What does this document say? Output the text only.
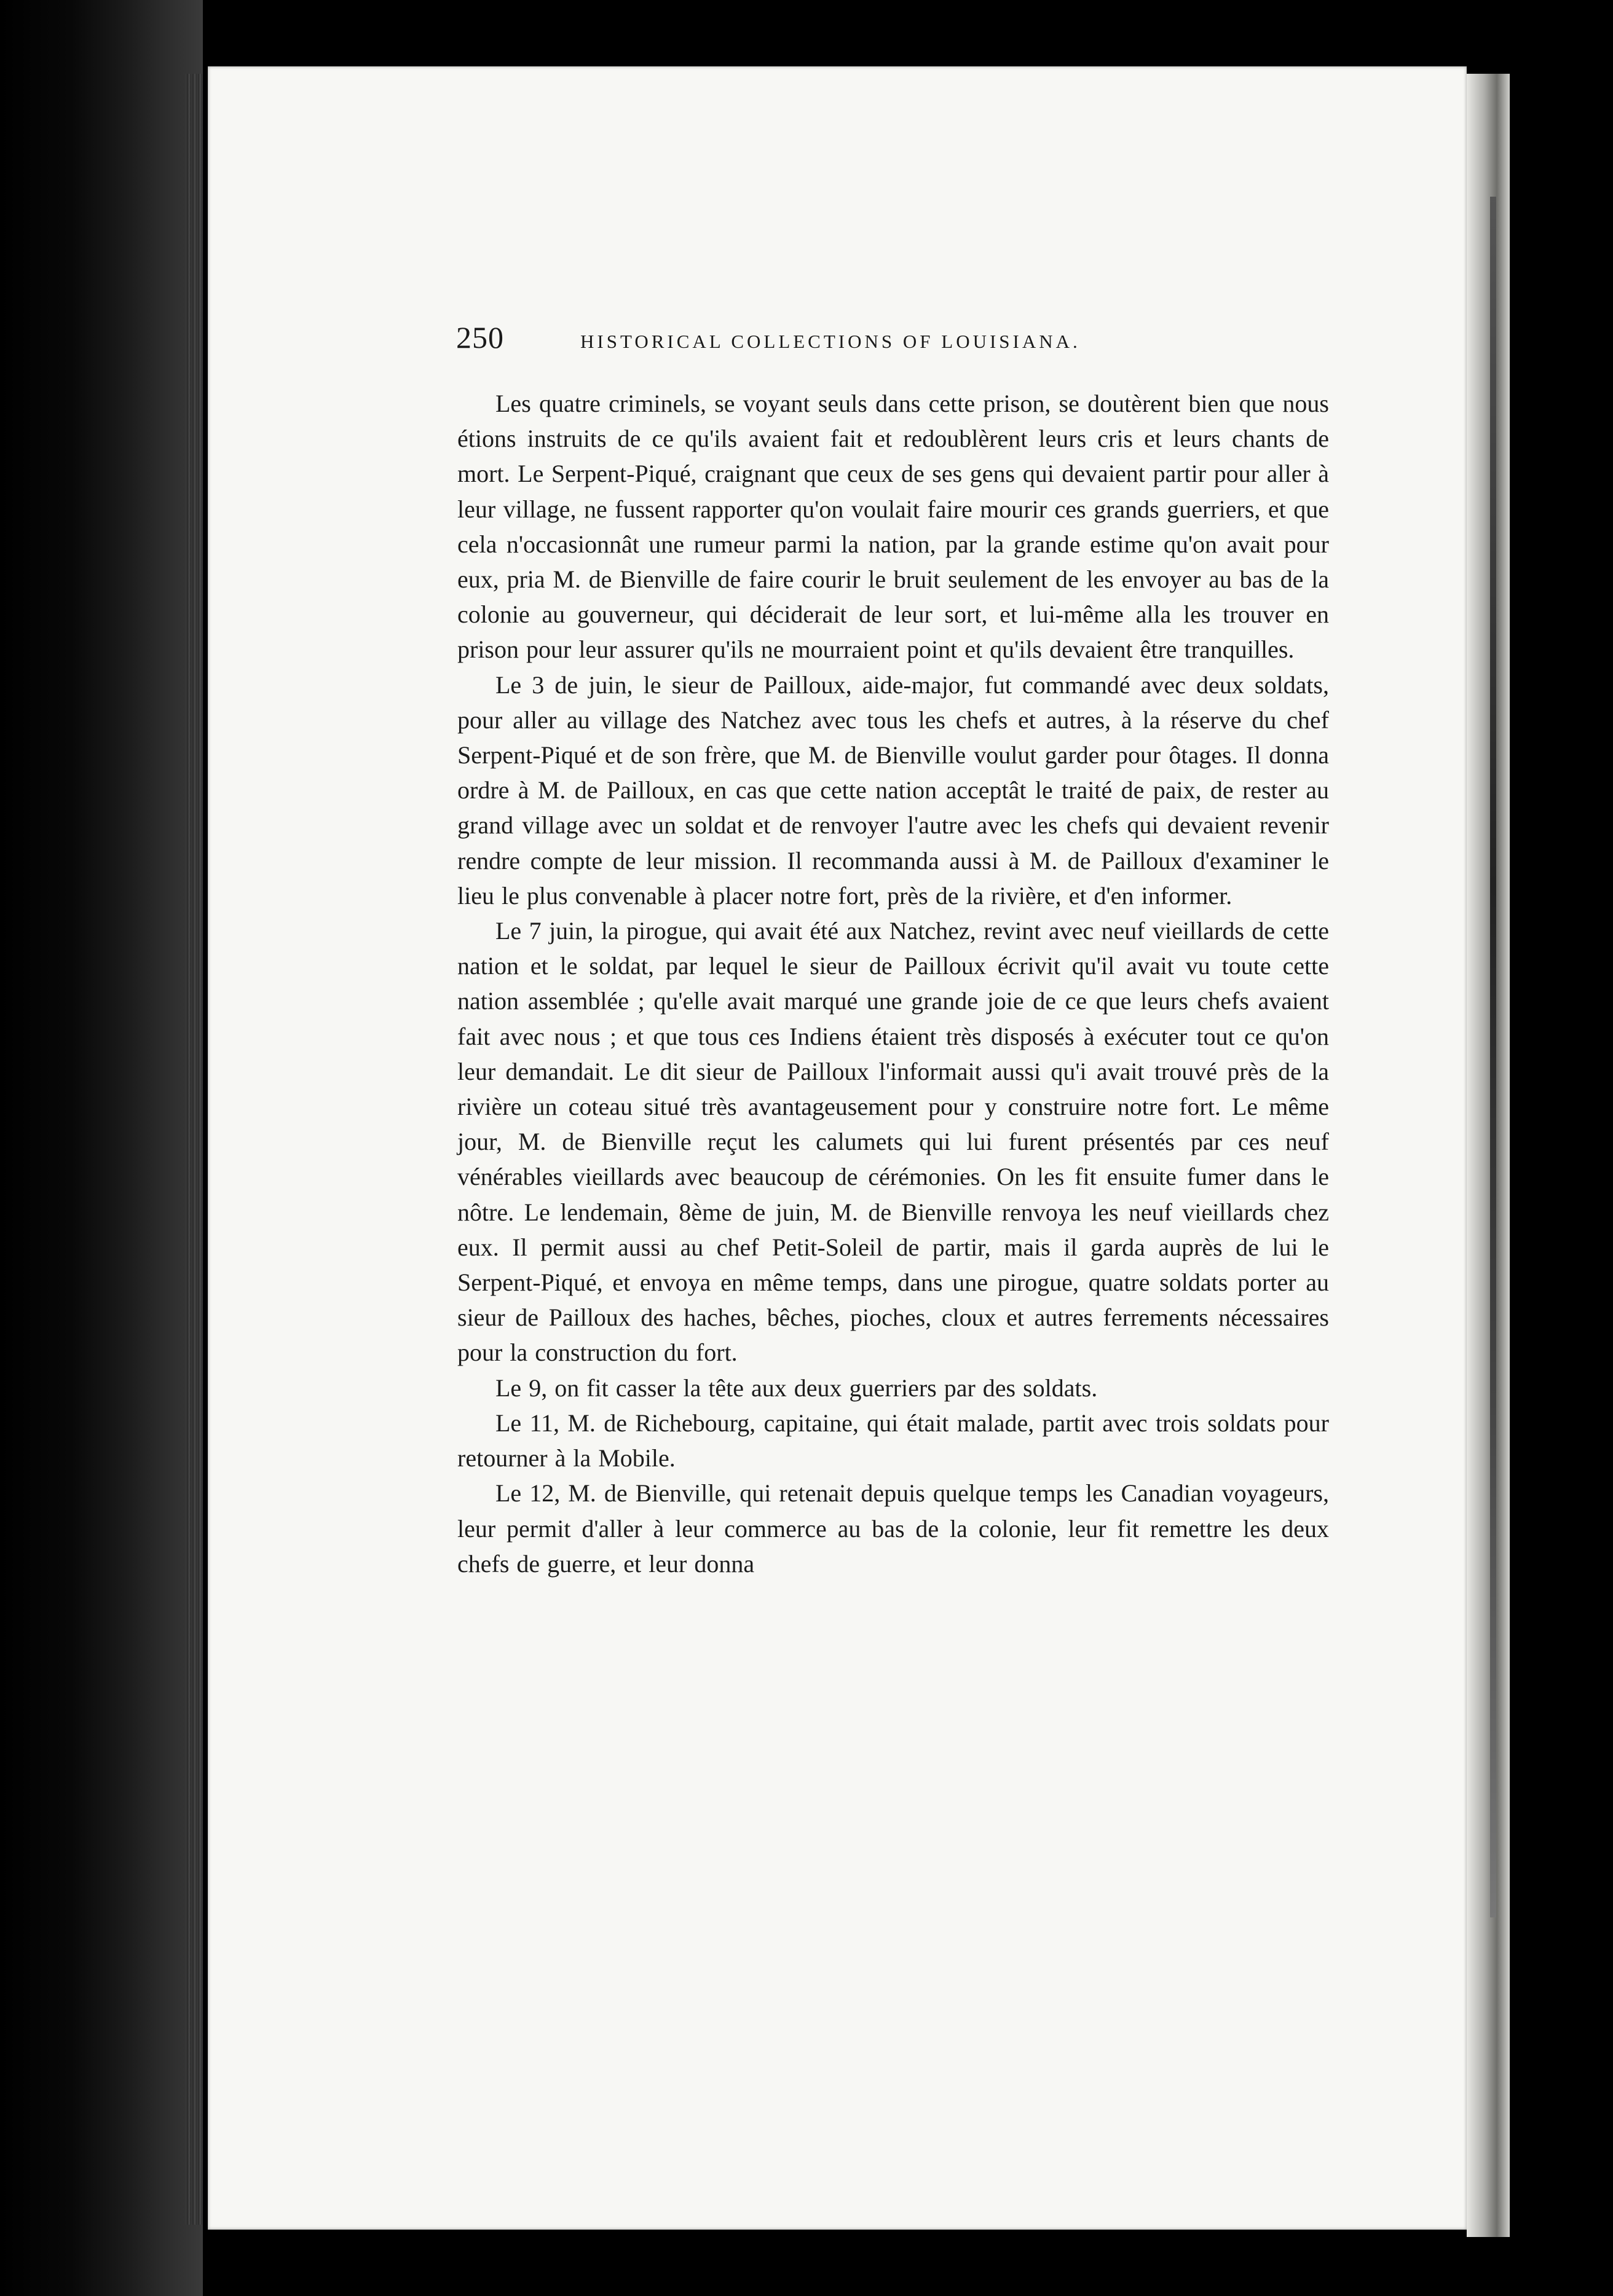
250	HISTORICAL COLLECTIONS OF LOUISIANA.

Les quatre criminels, se voyant seuls dans cette prison, se doutèrent bien que nous étions instruits de ce qu'ils avaient fait et redoublèrent leurs cris et leurs chants de mort. Le Serpent-Piqué, craignant que ceux de ses gens qui devaient partir pour aller à leur village, ne fussent rapporter qu'on voulait faire mourir ces grands guerriers, et que cela n'occasionnât une rumeur parmi la nation, par la grande estime qu'on avait pour eux, pria M. de Bienville de faire courir le bruit seulement de les envoyer au bas de la colonie au gouverneur, qui déciderait de leur sort, et lui-même alla les trouver en prison pour leur assurer qu'ils ne mourraient point et qu'ils devaient être tranquilles.

Le 3 de juin, le sieur de Pailloux, aide-major, fut commandé avec deux soldats, pour aller au village des Natchez avec tous les chefs et autres, à la réserve du chef Serpent-Piqué et de son frère, que M. de Bienville voulut garder pour ôtages. Il donna ordre à M. de Pailloux, en cas que cette nation acceptât le traité de paix, de rester au grand village avec un soldat et de renvoyer l'autre avec les chefs qui devaient revenir rendre compte de leur mission. Il recommanda aussi à M. de Pailloux d'examiner le lieu le plus convenable à placer notre fort, près de la rivière, et d'en informer.

Le 7 juin, la pirogue, qui avait été aux Natchez, revint avec neuf vieillards de cette nation et le soldat, par lequel le sieur de Pailloux écrivit qu'il avait vu toute cette nation assemblée ; qu'elle avait marqué une grande joie de ce que leurs chefs avaient fait avec nous ; et que tous ces Indiens étaient très disposés à exécuter tout ce qu'on leur demandait. Le dit sieur de Pailloux l'informait aussi qu'i avait trouvé près de la rivière un coteau situé très avantageusement pour y construire notre fort. Le même jour, M. de Bienville reçut les calumets qui lui furent présentés par ces neuf vénérables vieillards avec beaucoup de cérémonies. On les fit ensuite fumer dans le nôtre. Le lendemain, 8ème de juin, M. de Bienville renvoya les neuf vieillards chez eux. Il permit aussi au chef Petit-Soleil de partir, mais il garda auprès de lui le Serpent-Piqué, et envoya en même temps, dans une pirogue, quatre soldats porter au sieur de Pailloux des haches, bêches, pioches, cloux et autres ferrements nécessaires pour la construction du fort.

Le 9, on fit casser la tête aux deux guerriers par des soldats.

Le 11, M. de Richebourg, capitaine, qui était malade, partit avec trois soldats pour retourner à la Mobile.

Le 12, M. de Bienville, qui retenait depuis quelque temps les Canadian voyageurs, leur permit d'aller à leur commerce au bas de la colonie, leur fit remettre les deux chefs de guerre, et leur donna
